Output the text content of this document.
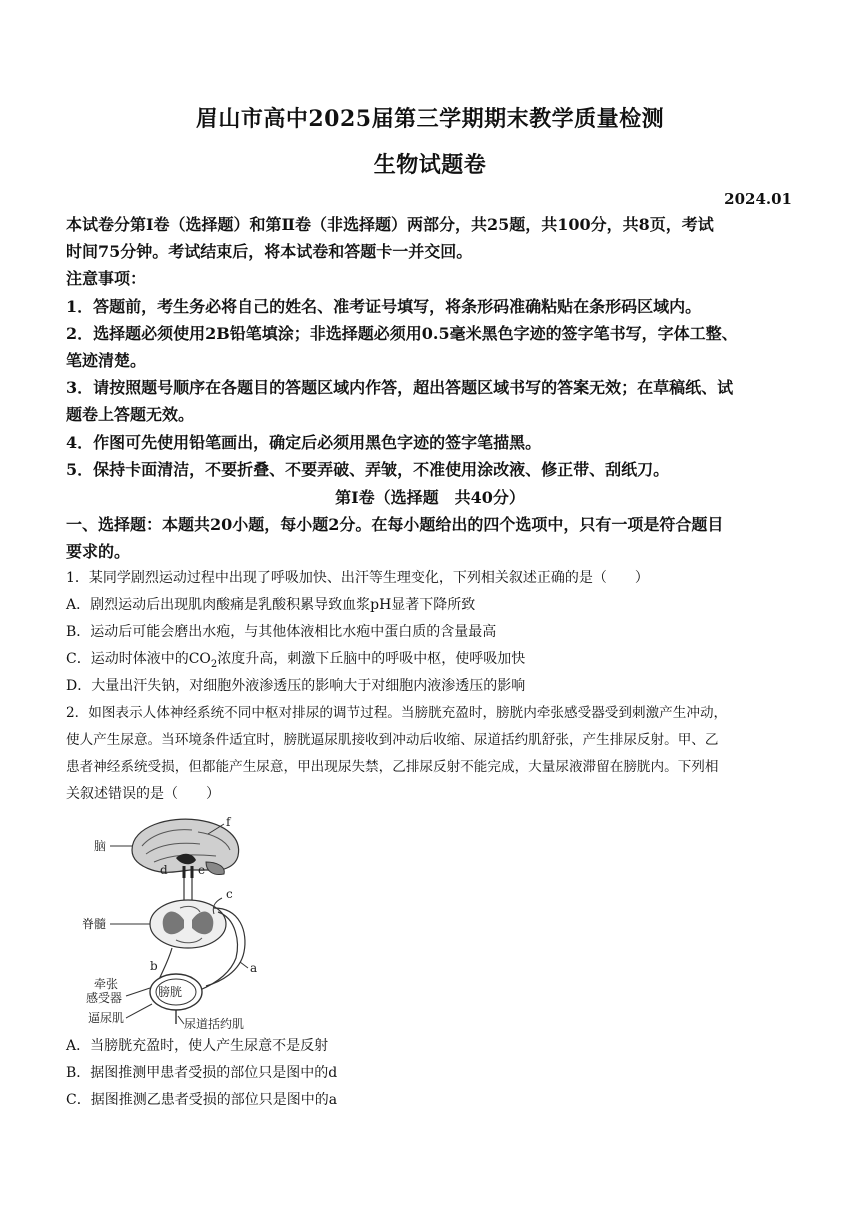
眉山市高中2025届第三学期期末教学质量检测
生物试题卷
2024.01
本试卷分第I卷（选择题）和第Ⅱ卷（非选择题）两部分，共25题，共100分，共8页，考试
时间75分钟。考试结束后，将本试卷和答题卡一并交回。
注意事项：
1．答题前，考生务必将自己的姓名、准考证号填写，将条形码准确粘贴在条形码区域内。
2．选择题必须使用2B铅笔填涂；非选择题必须用0.5毫米黑色字迹的签字笔书写，字体工整、
笔迹清楚。
3．请按照题号顺序在各题目的答题区域内作答，超出答题区域书写的答案无效；在草稿纸、试
题卷上答题无效。
4．作图可先使用铅笔画出，确定后必须用黑色字迹的签字笔描黑。
5．保持卡面清洁，不要折叠、不要弄破、弄皱，不准使用涂改液、修正带、刮纸刀。
第I卷（选择题　共40分）
一、选择题：本题共20小题，每小题2分。在每小题给出的四个选项中，只有一项是符合题目
要求的。
1．某同学剧烈运动过程中出现了呼吸加快、出汗等生理变化，下列相关叙述正确的是（　　）
A．剧烈运动后出现肌肉酸痛是乳酸积累导致血浆pH显著下降所致
B．运动后可能会磨出水疱，与其他体液相比水疱中蛋白质的含量最高
C．运动时体液中的$CO_2$浓度升高，刺激下丘脑中的呼吸中枢，使呼吸加快
D．大量出汗失钠，对细胞外液渗透压的影响大于对细胞内液渗透压的影响
2．如图表示人体神经系统不同中枢对排尿的调节过程。当膀胱充盈时，膀胱内牵张感受器受到刺激产生冲动，
使人产生尿意。当环境条件适宜时，膀胱逼尿肌接收到冲动后收缩、尿道括约肌舒张，产生排尿反射。甲、乙
患者神经系统受损，但都能产生尿意，甲出现尿失禁，乙排尿反射不能完成，大量尿液滞留在膀胱内。下列相
关叙述错误的是（　　）
脑
f
d	e
脊髓
c
b	a
膀胱
牵张
感受器
逼尿肌	尿道括约肌
A．当膀胱充盈时，使人产生尿意不是反射
B．据图推测甲患者受损的部位只是图中的d
C．据图推测乙患者受损的部位只是图中的a
